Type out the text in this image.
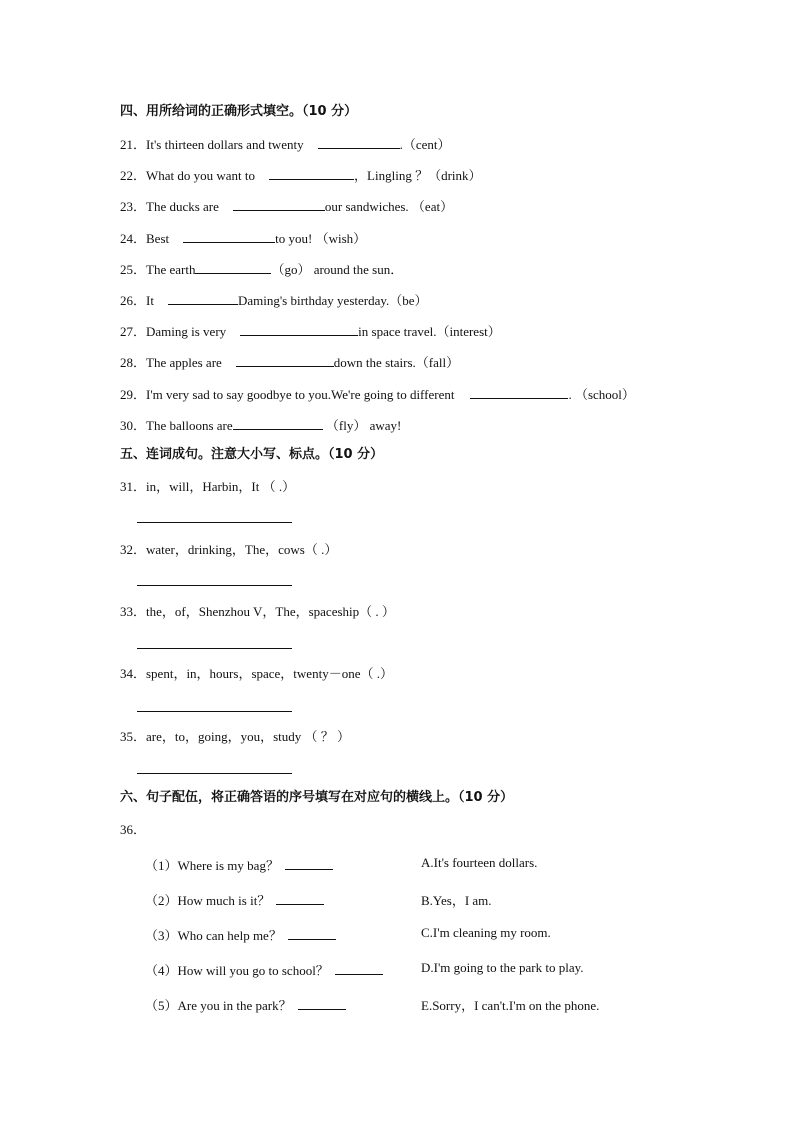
四、用所给词的正确形式填空。（10 分）
21．It's thirteen dollars and twenty	.（cent）
22．What do you want to	，Lingling ？（drink）
23．The ducks are	our sandwiches. （eat）
24．Best	to you! （wish）
25．The earth	（go） around the sun．
26．It	Daming's birthday yesterday.（be）
27．Daming is very	in space travel.（interest）
28．The apples are	down the stairs.（fall）
29．I'm very sad to say goodbye to you.We're going to different	. （school）
30．The balloons are	（fly） away!
五、连词成句。注意大小写、标点。（10 分）
31．in，will，Harbin，It （ .）
32．water，drinking，The，cows（ .）
33．the，of，Shenzhou V，The，spaceship（ . ）
34．spent，in，hours，space，twenty－one（ .）
35．are，to，going，you，study （ ？ ）
六、句子配伍，将正确答语的序号填写在对应句的横线上。（10 分）
36．
（1）Where is my bag？	A.It's fourteen dollars.
（2）How much is it？	B.Yes，I am.
（3）Who can help me？	C.I'm cleaning my room.
（4）How will you go to school？	D.I'm going to the park to play.
（5）Are you in the park？	E.Sorry，I can't.I'm on the phone.
